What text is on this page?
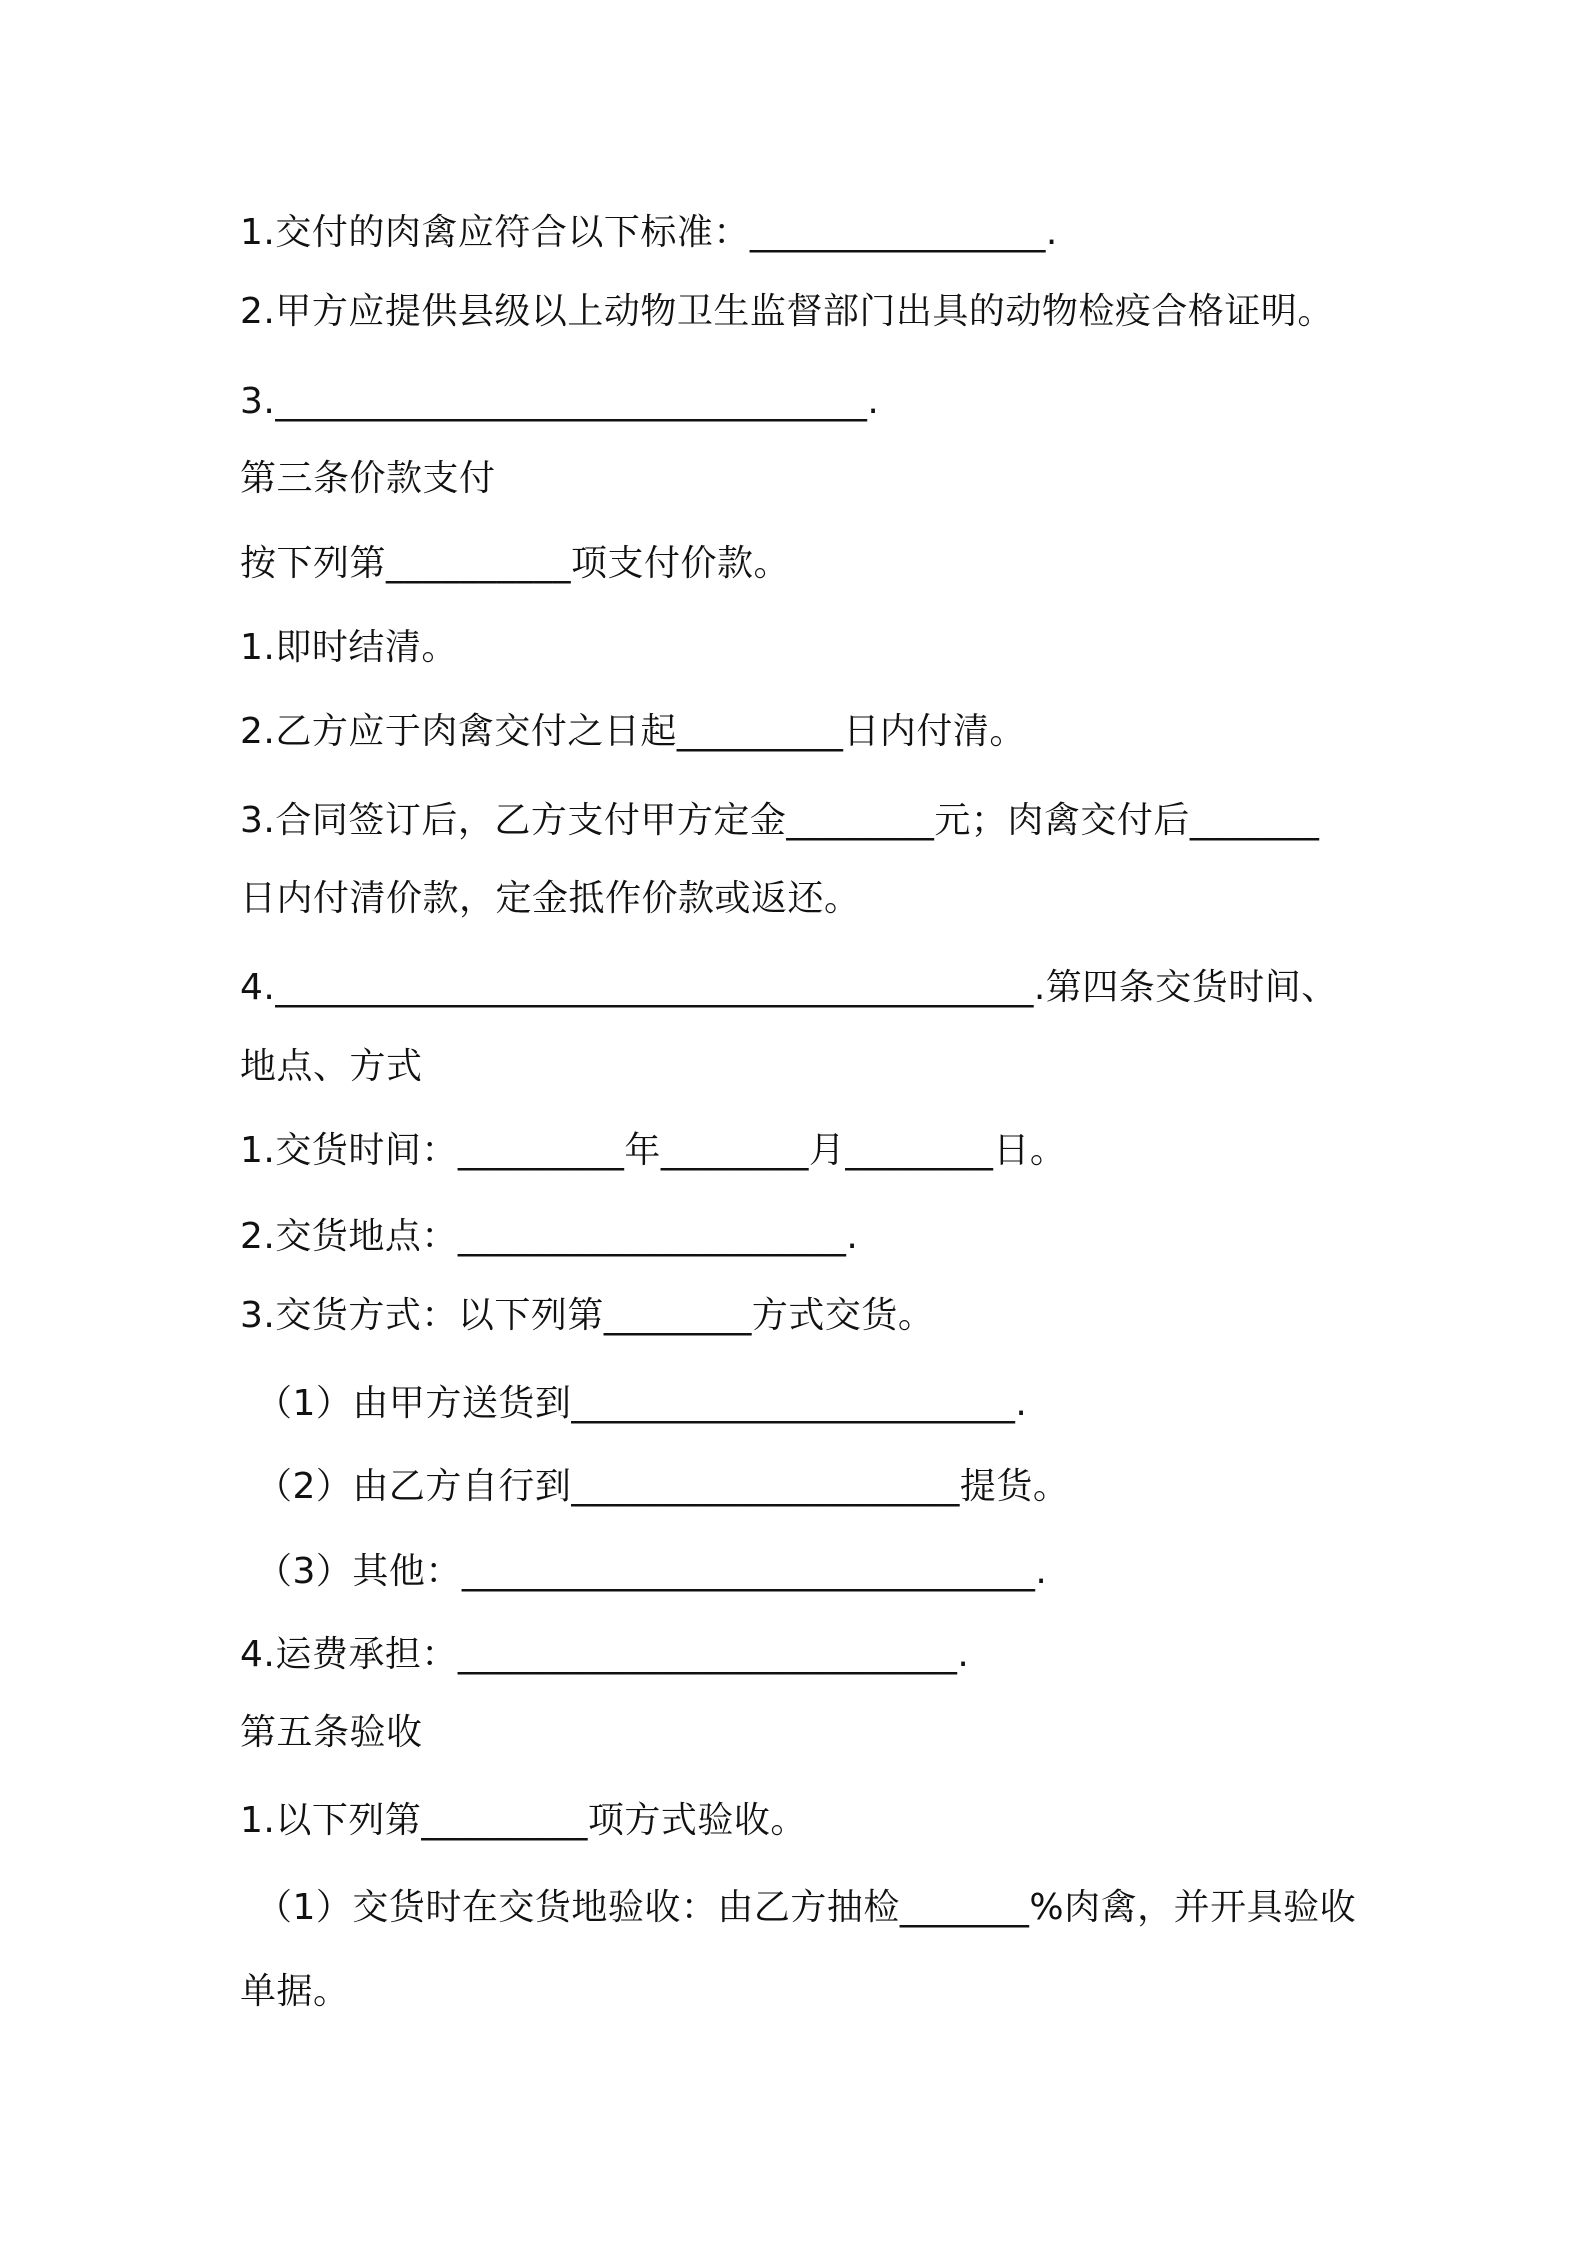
1.交付的肉禽应符合以下标准：________________.
2.甲方应提供县级以上动物卫生监督部门出具的动物检疫合格证明。
3.________________________________.
第三条价款支付
按下列第__________项支付价款。
1.即时结清。
2.乙方应于肉禽交付之日起_________日内付清。
3.合同签订后，乙方支付甲方定金________元；肉禽交付后_______
日内付清价款，定金抵作价款或返还。
4._________________________________________.第四条交货时间、
地点、方式
1.交货时间：_________年________月________日。
2.交货地点：_____________________.
3.交货方式：以下列第________方式交货。
（1）由甲方送货到________________________.
（2）由乙方自行到_____________________提货。
（3）其他：_______________________________.
4.运费承担：___________________________.
第五条验收
1.以下列第_________项方式验收。
（1）交货时在交货地验收：由乙方抽检_______%肉禽，并开具验收
单据。
